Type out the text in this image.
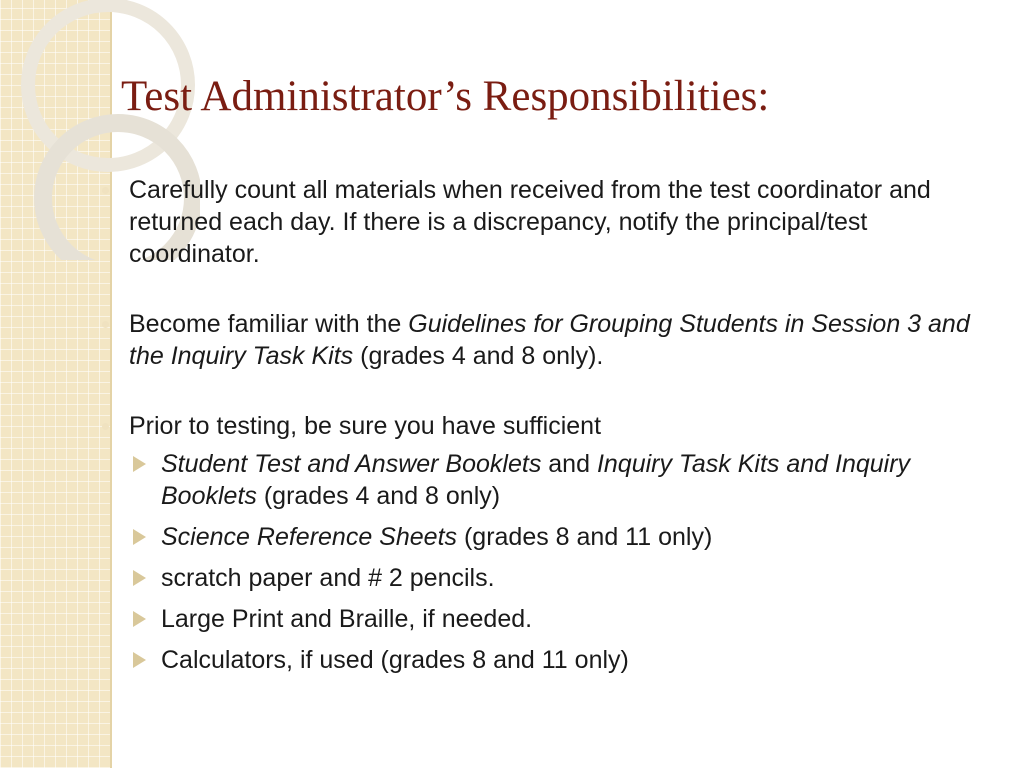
Test Administrator’s Responsibilities:
Carefully count all materials when received from the test coordinator and returned each day. If there is a discrepancy, notify the principal/test coordinator.
Become familiar with the Guidelines for Grouping Students in Session 3 and the Inquiry Task Kits (grades 4 and 8 only).
Prior to testing, be sure you have sufficient
Student Test and Answer Booklets and Inquiry Task Kits and Inquiry Booklets (grades 4 and 8 only)
Science Reference Sheets (grades 8 and 11 only)
scratch paper and # 2 pencils.
Large Print and Braille, if needed.
Calculators, if used (grades 8 and 11 only)
